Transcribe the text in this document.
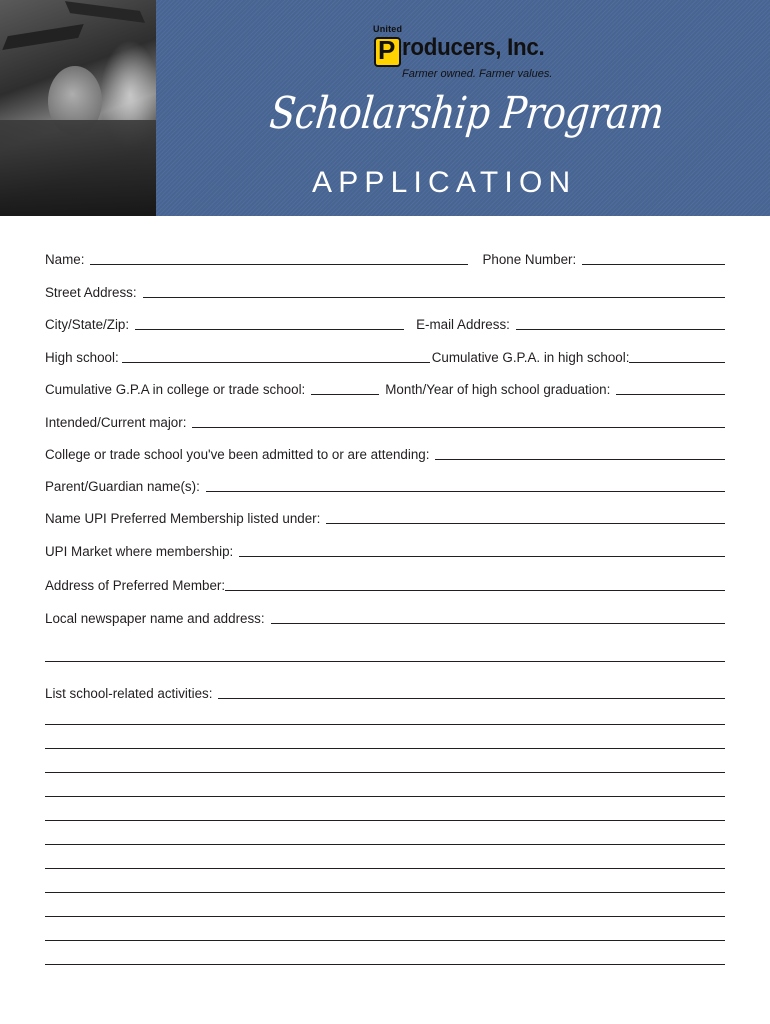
United
P roducers, Inc.
Farmer owned. Farmer values.
Scholarship Program
APPLICATION
Name:	Phone Number:
Street Address:
City/State/Zip:	E-mail Address:
High school:	Cumulative G.P.A. in high school:
Cumulative G.P.A in college or trade school:	Month/Year of high school graduation:
Intended/Current major:
College or trade school you've been admitted to or are attending:
Parent/Guardian name(s):
Name UPI Preferred Membership listed under:
UPI Market where membership:
Address of Preferred Member:
Local newspaper name and address:
List school-related activities:
